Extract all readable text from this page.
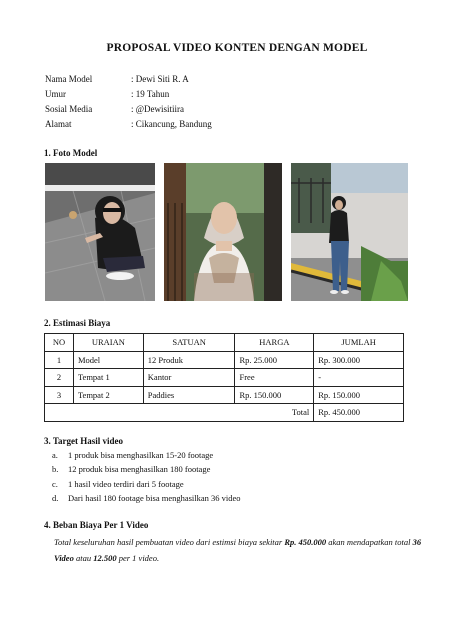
PROPOSAL VIDEO KONTEN DENGAN MODEL
Nama Model	: Dewi Siti R. A
Umur	: 19 Tahun
Sosial Media	: @Dewisitiira
Alamat	: Cikancung, Bandung
1. Foto Model
2. Estimasi Biaya
NO	URAIAN	SATUAN	HARGA	JUMLAH
1	Model	12 Produk	Rp. 25.000	Rp. 300.000
2	Tempat 1	Kantor	Free	-
3	Tempat 2	Paddies	Rp. 150.000	Rp. 150.000
Total				Rp. 450.000
3. Target Hasil video
a.	1 produk bisa menghasilkan 15-20 footage
b.	12 produk bisa menghasilkan 180 footage
c.	1 hasil video terdiri dari 5 footage
d.	Dari hasil 180 footage bisa menghasilkan 36 video
4. Beban Biaya Per 1 Video
Total keseluruhan hasil pembuatan video dari estimsi biaya sekitar Rp. 450.000 akan mendapatkan total 36 Video atau 12.500 per 1 video.
